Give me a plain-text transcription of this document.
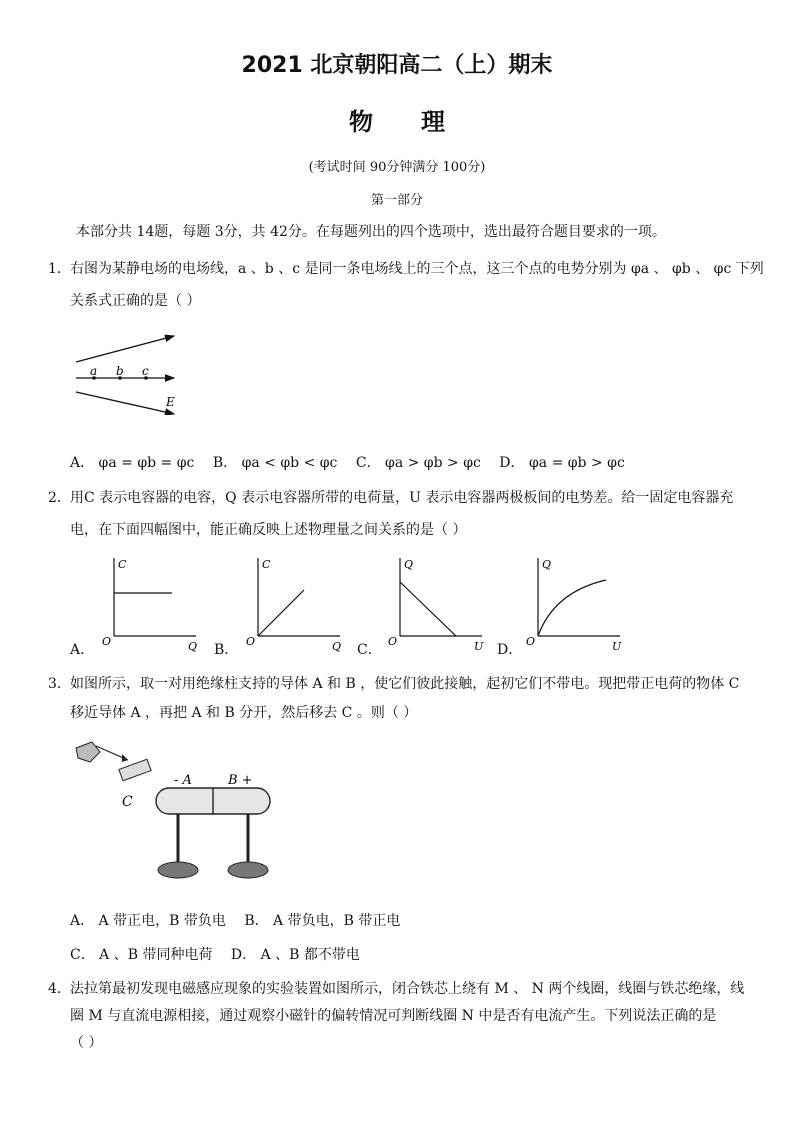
2021 北京朝阳高二（上）期末
物 理
(考试时间 90分钟满分 100分)
第一部分
本部分共 14题，每题 3分，共 42分。在每题列出的四个选项中，选出最符合题目要求的一项。
1． 右图为某静电场的电场线，a 、b 、c 是同一条电场线上的三个点，这三个点的电势分别为 φa 、 φb 、 φc 下列
关系式正确的是（ ）
a b c
E
A． φa = φb = φc B． φa < φb < φc C． φa > φb > φc D． φa = φb > φc
2． 用C 表示电容器的电容，Q 表示电容器所带的电荷量，U 表示电容器两极板间的电势差。给一固定电容器充
电，在下面四幅图中，能正确反映上述物理量之间关系的是（ ）
A．
C
Q
O
B．
C
Q
O
C．
Q
U
O
D．
Q
U
O
3． 如图所示，取一对用绝缘柱支持的导体 A 和 B ，使它们彼此接触，起初它们不带电。现把带正电荷的物体 C
移近导体 A ，再把 A 和 B 分开，然后移去 C 。则（ ）
C
- A	B +
A． A 带正电，B 带负电 B． A 带负电，B 带正电
C． A 、B 带同种电荷 D． A 、B 都不带电
4． 法拉第最初发现电磁感应现象的实验装置如图所示，闭合铁芯上绕有 M 、 N 两个线圈，线圈与铁芯绝缘，线
圈 M 与直流电源相接，通过观察小磁针的偏转情况可判断线圈 N 中是否有电流产生。下列说法正确的是
（ ）
